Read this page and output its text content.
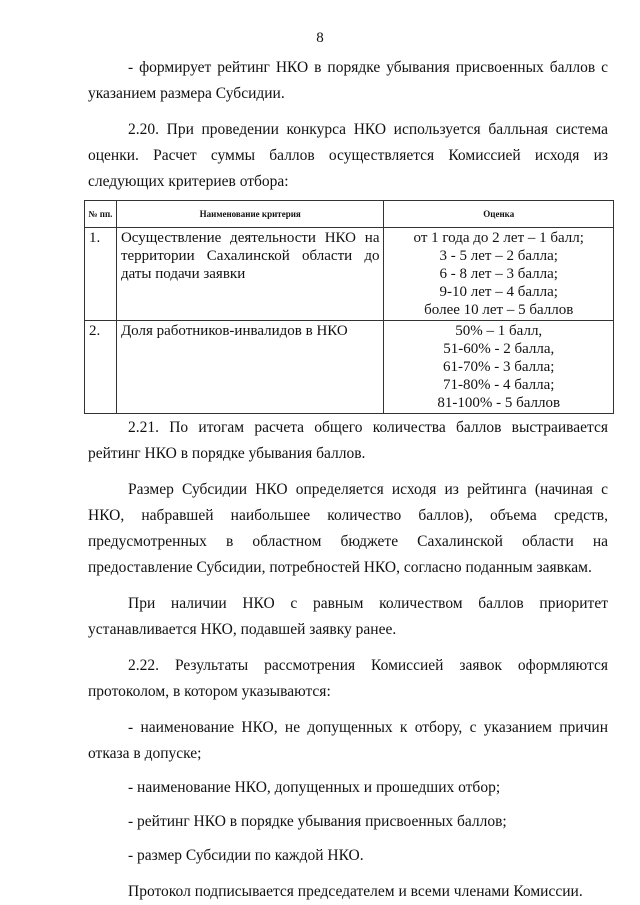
8

- формирует рейтинг НКО в порядке убывания присвоенных баллов с указанием размера Субсидии.

2.20. При проведении конкурса НКО используется балльная система оценки. Расчет суммы баллов осуществляется Комиссией исходя из следующих критериев отбора:

№ пп.	Наименование критерия	Оценка
1.	Осуществление деятельности НКО на территории Сахалинской области до даты подачи заявки	от 1 года до 2 лет – 1 балл;
3 - 5 лет – 2 балла;
6 - 8 лет – 3 балла;
9-10 лет – 4 балла;
более 10 лет – 5 баллов

2.	Доля работников-инвалидов в НКО	50% – 1 балл,
51-60% - 2 балла,
61-70% - 3 балла;
71-80% - 4 балла;
81-100% - 5 баллов

2.21. По итогам расчета общего количества баллов выстраивается рейтинг НКО в порядке убывания баллов.

Размер Субсидии НКО определяется исходя из рейтинга (начиная с НКО, набравшей наибольшее количество баллов), объема средств, предусмотренных в областном бюджете Сахалинской области на предоставление Субсидии, потребностей НКО, согласно поданным заявкам.

При наличии НКО с равным количеством баллов приоритет устанавливается НКО, подавшей заявку ранее.

2.22. Результаты рассмотрения Комиссией заявок оформляются протоколом, в котором указываются:

- наименование НКО, не допущенных к отбору, с указанием причин отказа в допуске;

- наименование НКО, допущенных и прошедших отбор;

- рейтинг НКО в порядке убывания присвоенных баллов;

- размер Субсидии по каждой НКО.

Протокол подписывается председателем и всеми членами Комиссии.
